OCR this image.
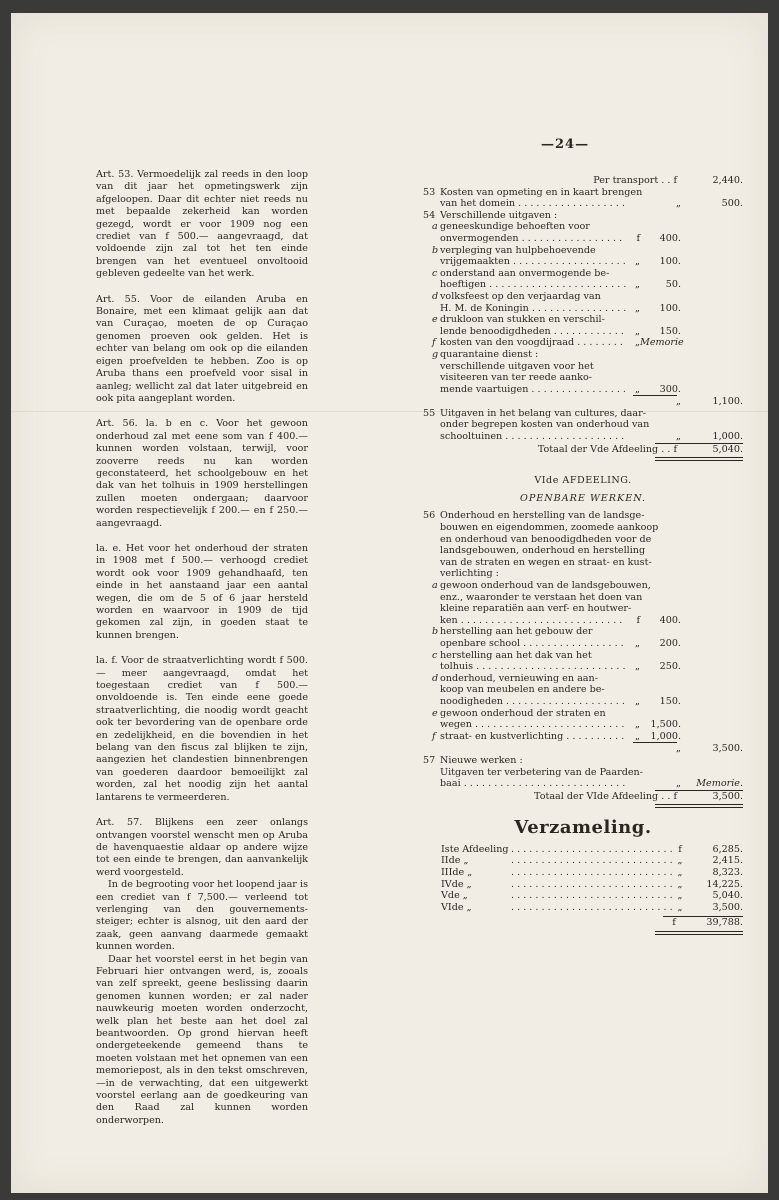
—24—

Art. 53. Vermoedelijk zal reeds in den loop van dit jaar het opmetingswerk zijn afgeloopen. Daar dit echter niet reeds nu met bepaalde zekerheid kan worden gezegd, wordt er voor 1909 nog een crediet van f 500.— aangevraagd, dat voldoende zijn zal tot het ten einde brengen van het eventueel onvoltooid gebleven gedeelte van het werk.

Art. 55. Voor de eilanden Aruba en Bonaire, met een klimaat gelijk aan dat van Curaçao, moeten de op Curaçao genomen proeven ook gelden. Het is echter van belang om ook op die eilanden eigen proefvelden te hebben. Zoo is op Aruba thans een proefveld voor sisal in aanleg; wellicht zal dat later uitgebreid en ook pita aangeplant worden.

Art. 56. la. b en c. Voor het gewoon onderhoud zal met eene som van f 400.— kunnen worden volstaan, terwijl, voor zooverre reeds nu kan worden geconstateerd, het schoolgebouw en het dak van het tolhuis in 1909 herstellingen zullen moeten ondergaan; daarvoor worden respectievelijk f 200.— en f 250.— aangevraagd.

la. e. Het voor het onderhoud der straten in 1908 met f 500.— verhoogd crediet wordt ook voor 1909 gehandhaafd, ten einde in het aanstaand jaar een aantal wegen, die om de 5 of 6 jaar hersteld worden en waarvoor in 1909 de tijd gekomen zal zijn, in goeden staat te kunnen brengen.

la. f. Voor de straatverlichting wordt f 500.— meer aangevraagd, omdat het toegestaan crediet van f 500.— onvoldoende is. Ten einde eene goede straatverlichting, die noodig wordt geacht ook ter bevordering van de openbare orde en zedelijkheid, en die bovendien in het belang van den fiscus zal blijken te zijn, aangezien het clandestien binnenbrengen van goederen daardoor bemoeilijkt zal worden, zal het noodig zijn het aantal lantarens te vermeerderen.

Art. 57. Blijkens een zeer onlangs ontvangen voorstel wenscht men op Aruba de havenquaestie aldaar op andere wijze tot een einde te brengen, dan aanvankelijk werd voorgesteld.

In de begrooting voor het loopend jaar is een crediet van f 7,500.— verleend tot verlenging van den gouvernements-steiger; echter is alsnog, uit den aard der zaak, geen aanvang daarmede gemaakt kunnen worden.

Daar het voorstel eerst in het begin van Februari hier ontvangen werd, is, zooals van zelf spreekt, geene beslissing daarin genomen kunnen worden; er zal nader nauwkeurig moeten worden onderzocht, welk plan het beste aan het doel zal beantwoorden. Op grond hiervan heeft ondergeteekende gemeend thans te moeten volstaan met het opnemen van een memoriepost, als in den tekst omschreven, —in de verwachting, dat een uitgewerkt voorstel eerlang aan de goedkeuring van den Raad zal kunnen worden onderworpen.

Per transport . . f	2,440.
53 Kosten van opmeting en in kaart brengen
van het domein . . .	„	500.
54 Verschillende uitgaven :
a geneeskundige behoeften voor
onvermogenden . . .	f	400.
b verpleging van hulpbehoevende
vrijgemaakten . . .	„	100.
c onderstand aan onvermogende be-
hoeftigen . . .	„	50.
d volksfeest op den verjaardag van
H. M. de Koningin . . .	„	100.
e drukloon van stukken en verschil-
lende benoodigdheden . . .	„	150.
f kosten van den voogdijraad . . .	„ Memorie
g quarantaine dienst :
verschillende uitgaven voor het
visiteeren van ter reede aanko-
mende vaartuigen . . .	„	300.
„	1,100.
55 Uitgaven in het belang van cultures, daar-
onder begrepen kosten van onderhoud van
schooltuinen . . .	„	1,000.
Totaal der Vde Afdeeling . . f	5,040.
VIde AFDEELING.
OPENBARE WERKEN.
56 Onderhoud en herstelling van de landsge-
bouwen en eigendommen, zoomede aankoop
en onderhoud van benoodigdheden voor de
landsgebouwen, onderhoud en herstelling
van de straten en wegen en straat- en kust-
verlichting :
a gewoon onderhoud van de landsgebouwen,
enz., waaronder te verstaan het doen van
kleine reparatiën aan verf- en houtwer-
ken . . .	f	400.
b herstelling aan het gebouw der
openbare school . . .	„	200.
c herstelling aan het dak van het
tolhuis . . .	„	250.
d onderhoud, vernieuwing en aan-
koop van meubelen en andere be-
noodigheden . . .	„	150.
e gewoon onderhoud der straten en
wegen . . .	„	1,500.
f straat- en kustverlichting . . .	„	1,000.
„	3,500.
57 Nieuwe werken :
Uitgaven ter verbetering van de Paarden-
baai . . .	„	Memorie.
Totaal der VIde Afdeeling . . f	3,500.
Verzameling.
Iste Afdeeling . . .	f	6,285.
IIde „ . . .	„	2,415.
IIIde „ . . .	„	8,323.
IVde „ . . .	„	14,225.
Vde „ . . .	„	5,040.
VIde „ . . .	„	3,500.
f	39,788.
